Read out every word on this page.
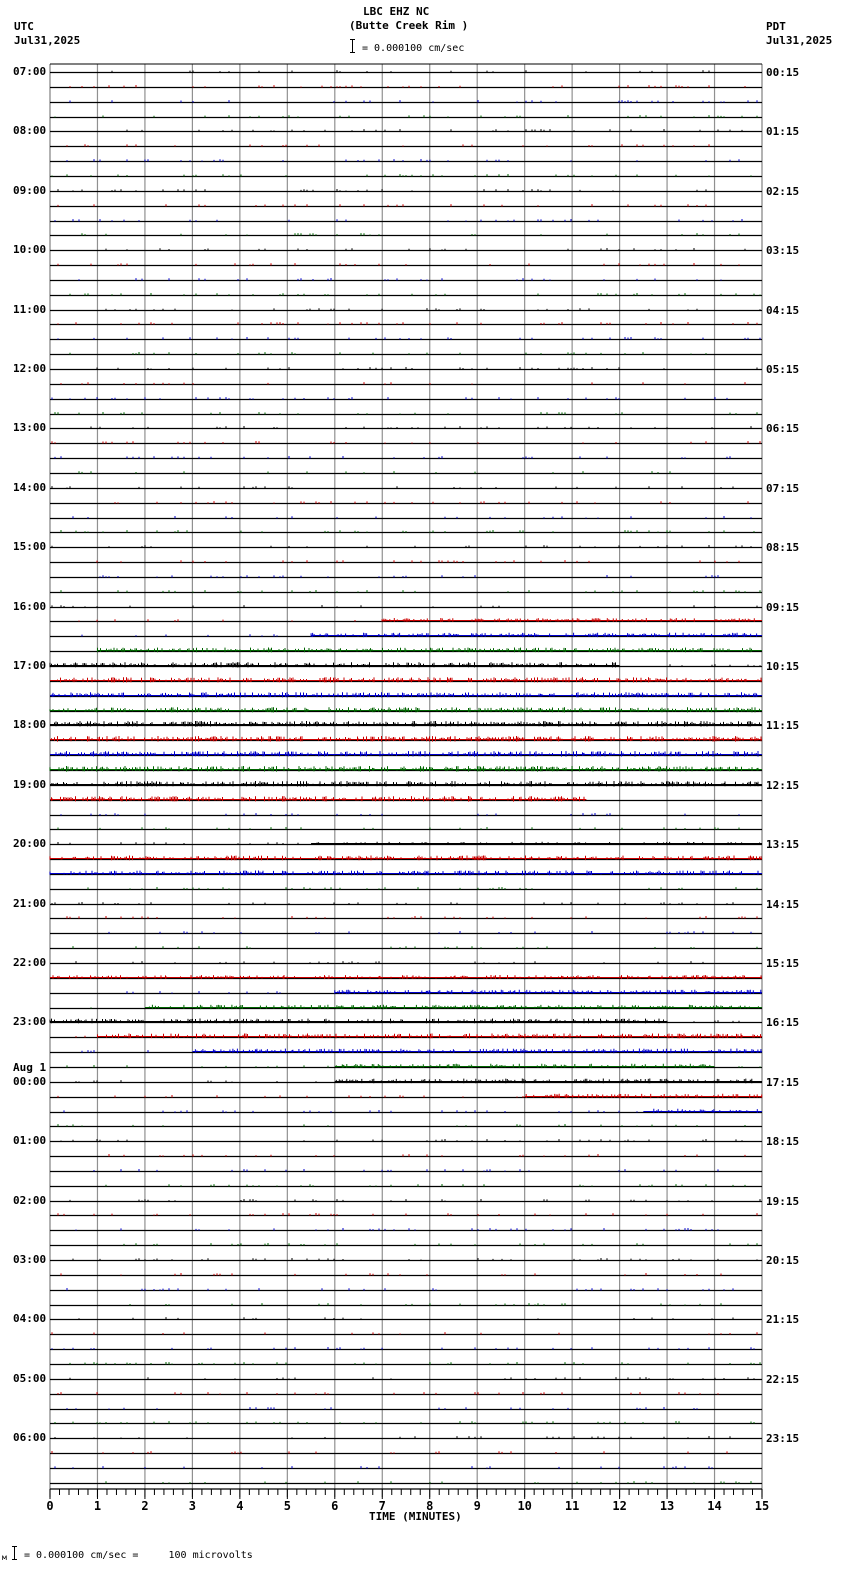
LBC EHZ NC
(Butte Creek Rim )
= 0.000100 cm/sec
UTC
Jul31,2025
PDT
Jul31,2025
0	1	2	3	4	5	6	7	8	9	10	11	12	13	14	15
TIME (MINUTES)
м = 0.000100 cm/sec =     100 microvolts
07:00
08:00
09:00
10:00
11:00
12:00
13:00
14:00
15:00
16:00
17:00
18:00
19:00
20:00
21:00
22:00
23:00
00:00
Aug 1
01:00
02:00
03:00
04:00
05:00
06:00
00:15
01:15
02:15
03:15
04:15
05:15
06:15
07:15
08:15
09:15
10:15
11:15
12:15
13:15
14:15
15:15
16:15
17:15
18:15
19:15
20:15
21:15
22:15
23:15
